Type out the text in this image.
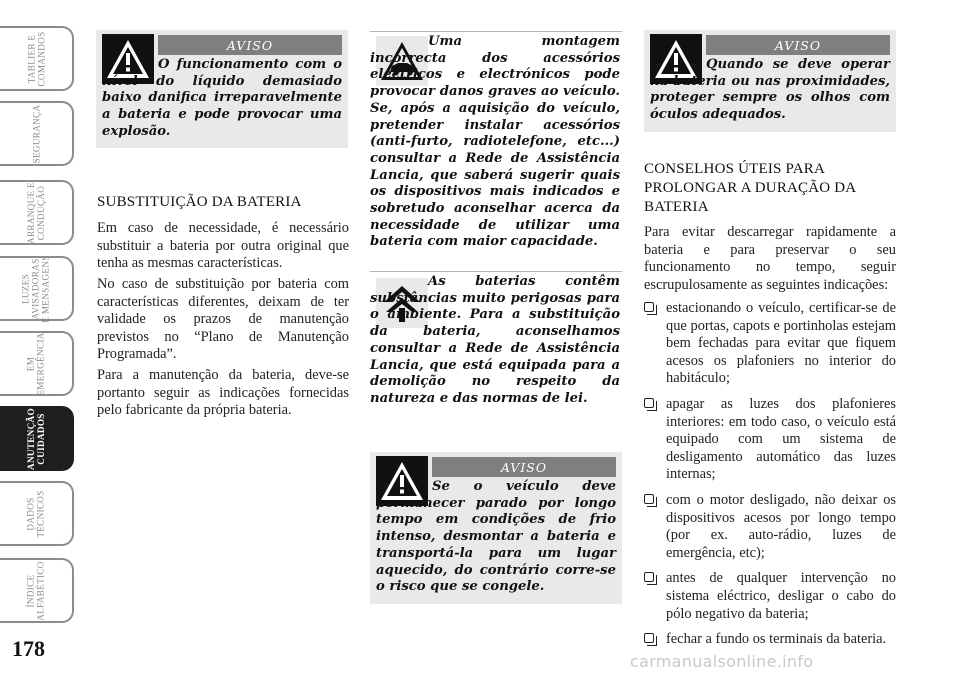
TABLIER E
COMANDOS
SEGURANÇA
ARRANQUE E
CONDUÇÃO
LUZES
AVISADORAS
E MENSAGENS
EM
EMERGÊNCIA
MANUTENÇÃO E
CUIDADOS
DADOS
TÉCNICOS
ÍNDICE
ALFABÉTICO
178
AVISO
O funcionamento com o nível do líquido demasiado baixo danifica irreparavelmente a bateria e pode provocar uma explosão.
SUBSTITUIÇÃO DA BATERIA

Em caso de necessidade, é necessário substituir a bateria por outra original que tenha as mesmas características.

No caso de substituição por bateria com características diferentes, deixam de ter validade os prazos de manutenção previstos no “Plano de Manutenção Programada”.

Para a manutenção da bateria, deve-se portanto seguir as indicações fornecidas pelo fabricante da própria bateria.

Uma montagem incorrecta dos acessórios eléctricos e electrónicos pode provocar danos graves ao veículo. Se, após a aquisição do veículo, pretender instalar acessórios (anti-furto, radiotelefone, etc...) consultar a Rede de Assistência Lancia, que saberá sugerir quais os dispositivos mais indicados e sobretudo aconselhar acerca da necessidade de utilizar uma bateria com maior capacidade.
As baterias contêm substâncias muito perigosas para o ambiente. Para a substituição da bateria, aconselhamos consultar a Rede de Assistência Lancia, que está equipada para a demolição no respeito da natureza e das normas de lei.
AVISO
Se o veículo deve permanecer parado por longo tempo em condições de frio intenso, desmontar a bateria e transportá-la para um lugar aquecido, do contrário corre-se o risco que se congele.
AVISO
Quando se deve operar na bateria ou nas proximidades, proteger sempre os olhos com óculos adequados.
CONSELHOS ÚTEIS PARA PROLONGAR A DURAÇÃO DA BATERIA

Para evitar descarregar rapidamente a bateria e para preservar o seu funcionamento no tempo, seguir escrupulosamente as seguintes indicações:

estacionando o veículo, certificar-se de que portas, capots e portinholas estejam bem fechadas para evitar que fiquem acesos os plafoniers no interior do habitáculo;
apagar as luzes dos plafonieres interiores: em todo caso, o veículo está equipado com um sistema de desligamento automático das luzes internas;
com o motor desligado, não deixar os dispositivos acesos por longo tempo (por ex. auto-rádio, luzes de emergência, etc);
antes de qualquer intervenção no sistema eléctrico, desligar o cabo do pólo negativo da bateria;
fechar a fundo os terminais da bateria.
carmanualsonline.info
